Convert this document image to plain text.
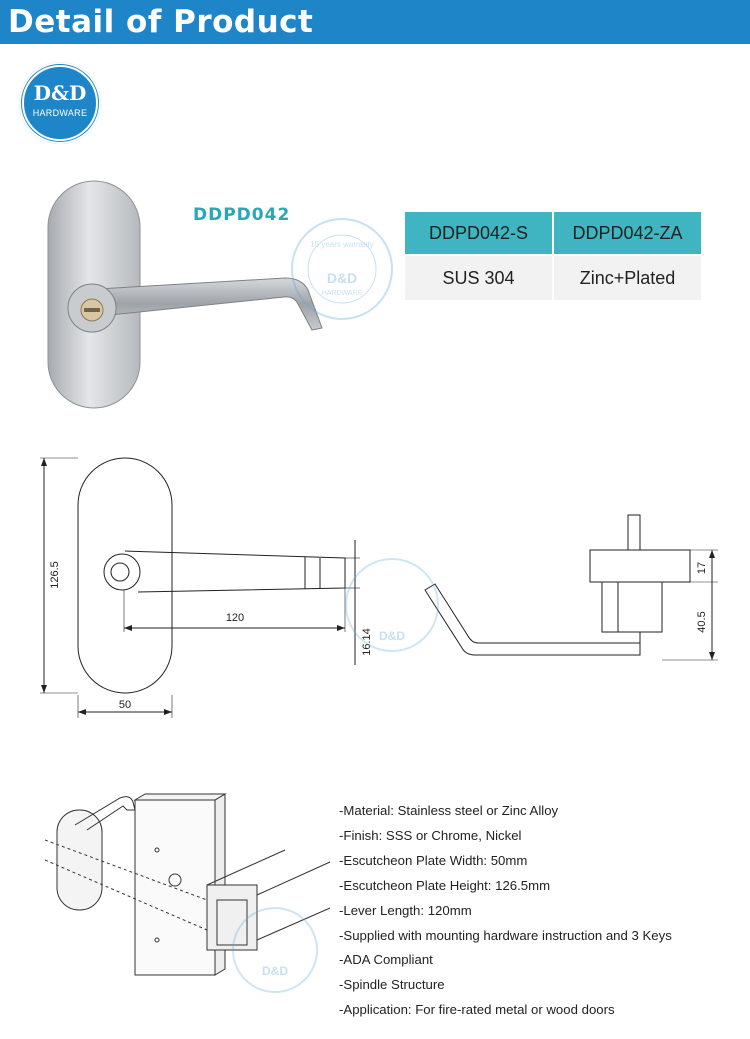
Detail of Product
D&D
HARDWARE
DDPD042
15 years warranty
D&D
HARDWARE
DDPD042-S	DDPD042-ZA
SUS 304	Zinc+Plated
126.5
50
120
16.14
17
40.5
D&D
D&D
-Material: Stainless steel or Zinc Alloy
-Finish: SSS or Chrome, Nickel
-Escutcheon Plate Width: 50mm
-Escutcheon Plate Height: 126.5mm
-Lever Length: 120mm
-Supplied with mounting hardware instruction and 3 Keys
-ADA Compliant
-Spindle Structure
-Application: For fire-rated metal or wood doors
